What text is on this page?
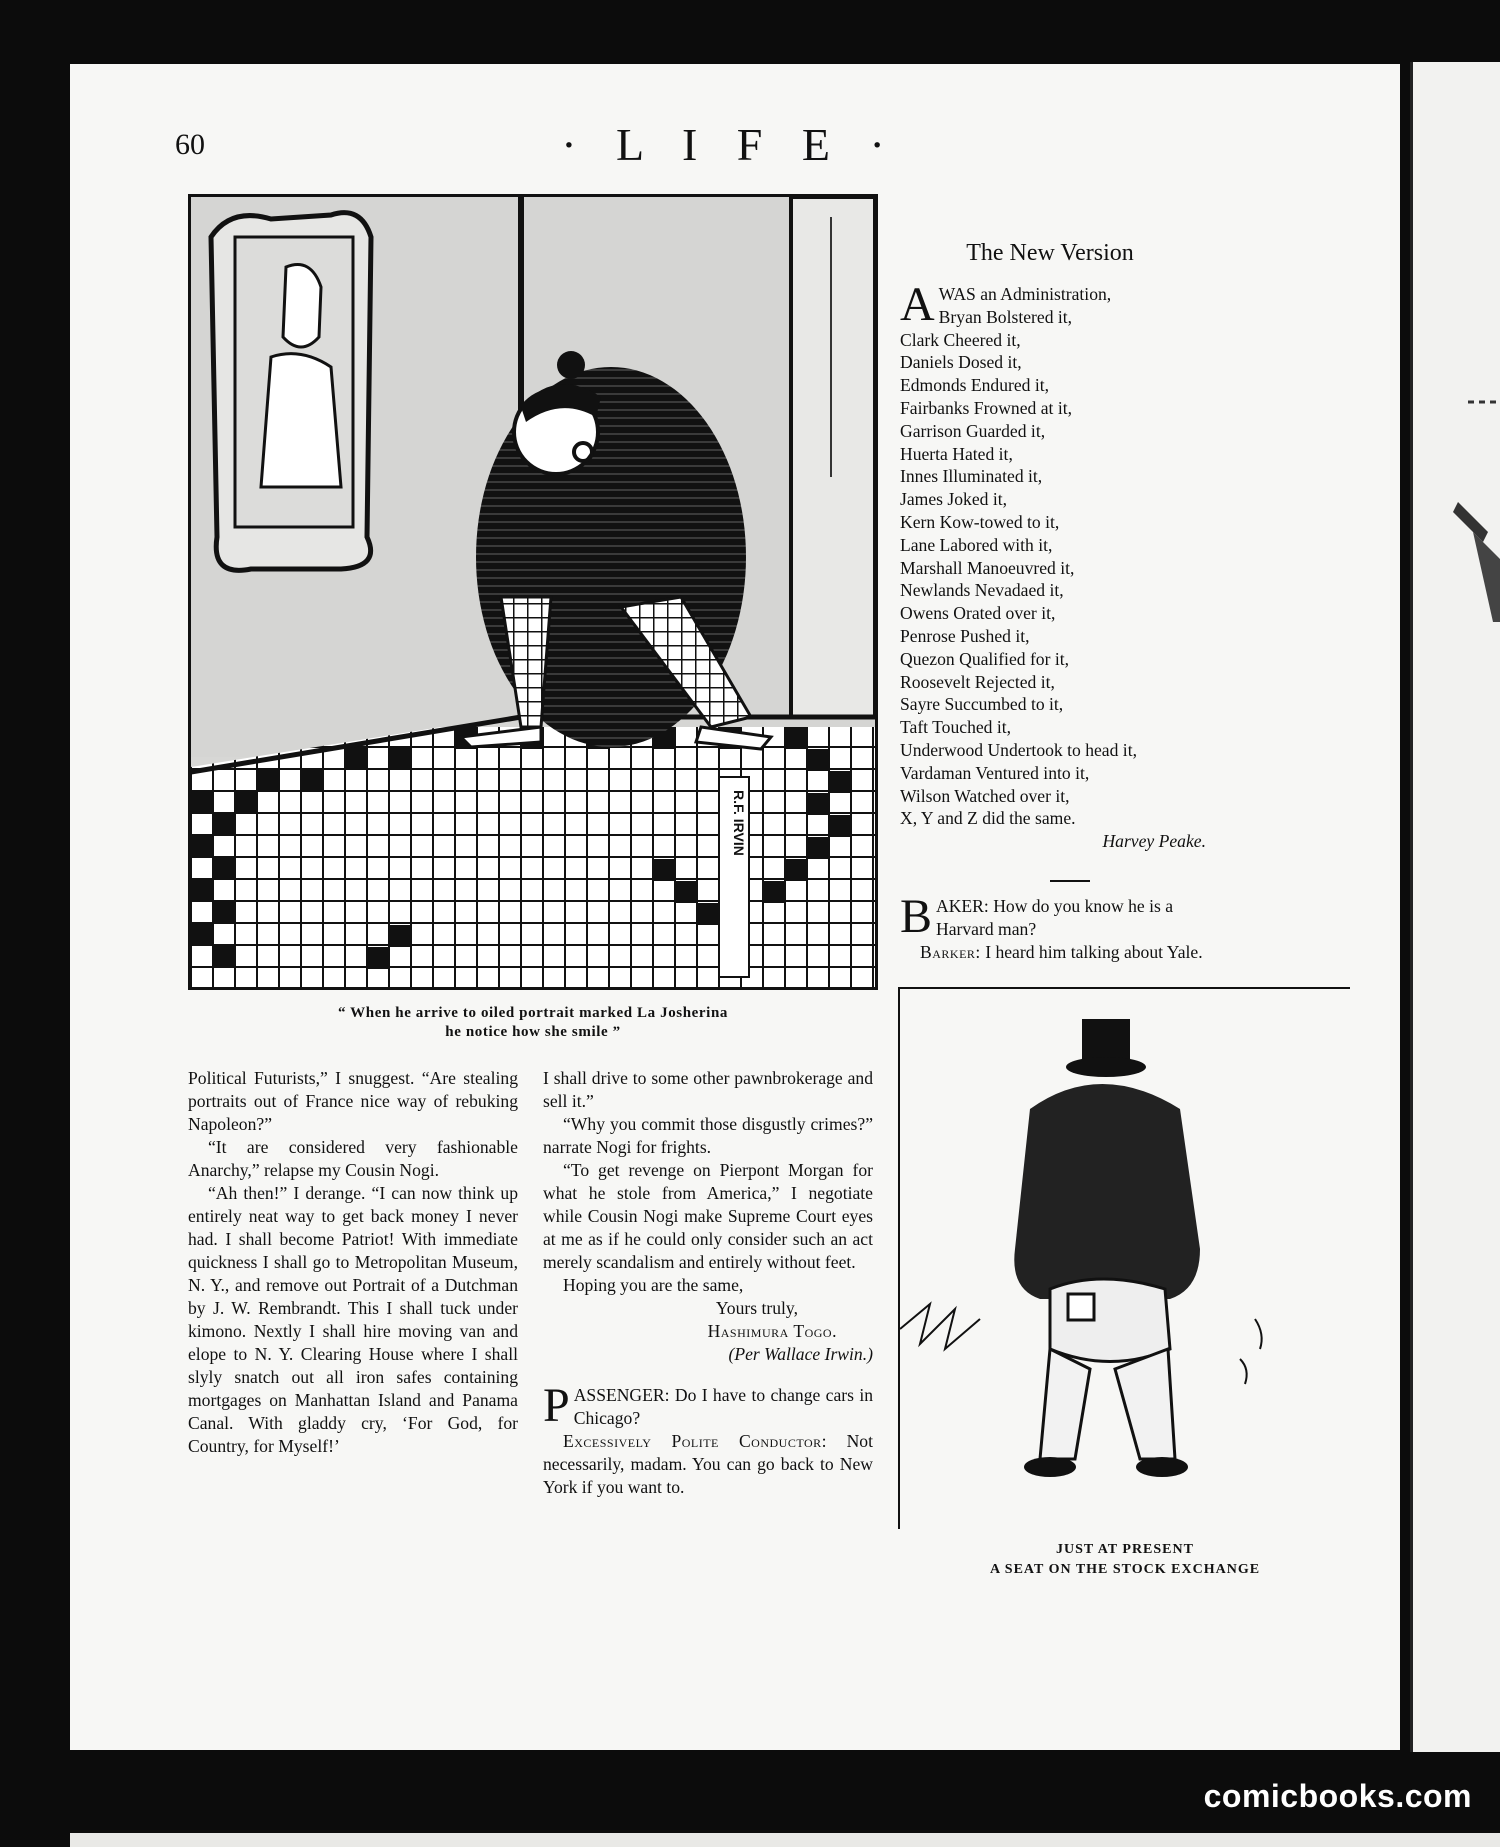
60	· L I F E ·
R.F. IRVIN
“ When he arrive to oiled portrait marked La Josherina
he notice how she smile ”

Political Futurists,” I snuggest. “Are stealing portraits out of France nice way of rebuking Napoleon?”

“It are considered very fashionable Anarchy,” relapse my Cousin Nogi.

“Ah then!” I derange. “I can now think up entirely neat way to get back money I never had. I shall become Patriot! With immediate quickness I shall go to Metropolitan Museum, N. Y., and remove out Portrait of a Dutchman by J. W. Rembrandt. This I shall tuck under kimono. Nextly I shall hire moving van and elope to N. Y. Clearing House where I shall slyly snatch out all iron safes containing mortgages on Manhattan Island and Panama Canal. With gladdy cry, ‘For God, for Country, for Myself!’

I shall drive to some other pawnbrokerage and sell it.”

“Why you commit those disgustly crimes?” narrate Nogi for frights.

“To get revenge on Pierpont Morgan for what he stole from America,” I negotiate while Cousin Nogi make Supreme Court eyes at me as if he could only consider such an act merely scandalism and entirely without feet.

Hoping you are the same,

Yours truly,

Hashimura Togo.

(Per Wallace Irwin.)

PASSENGER: Do I have to change cars in Chicago?

Excessively Polite Conductor: Not necessarily, madam. You can go back to New York if you want to.

The New Version
A WAS an Administration,
Bryan Bolstered it,
Clark Cheered it,
Daniels Dosed it,
Edmonds Endured it,
Fairbanks Frowned at it,
Garrison Guarded it,
Huerta Hated it,
Innes Illuminated it,
James Joked it,
Kern Kow-towed to it,
Lane Labored with it,
Marshall Manoeuvred it,
Newlands Nevadaed it,
Owens Orated over it,
Penrose Pushed it,
Quezon Qualified for it,
Roosevelt Rejected it,
Sayre Succumbed to it,
Taft Touched it,
Underwood Undertook to head it,
Vardaman Ventured into it,
Wilson Watched over it,
X, Y and Z did the same.
Harvey Peake.

BAKER: How do you know he is a Harvard man?

Barker: I heard him talking about Yale.

JUST AT PRESENT
A SEAT ON THE STOCK EXCHANGE
comicbooks.com
